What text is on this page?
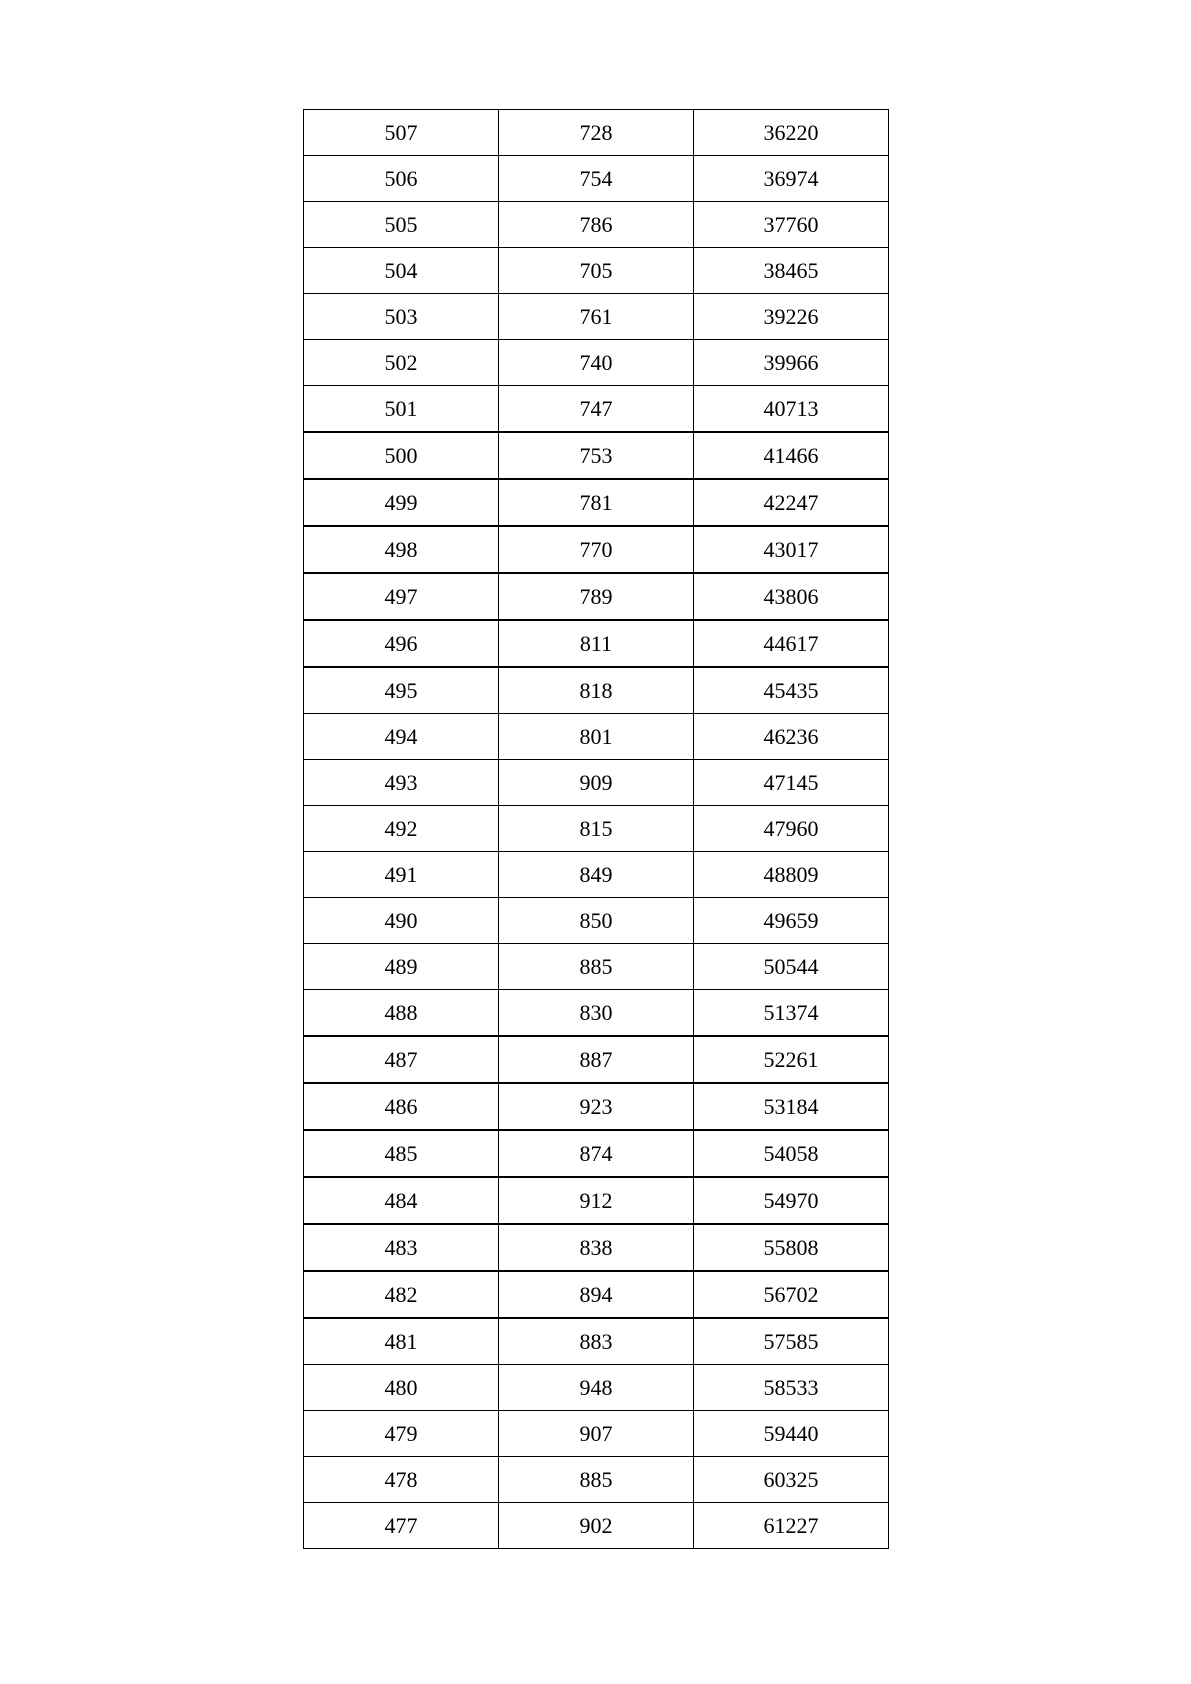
507	728	36220
506	754	36974
505	786	37760
504	705	38465
503	761	39226
502	740	39966
501	747	40713
500	753	41466
499	781	42247
498	770	43017
497	789	43806
496	811	44617
495	818	45435
494	801	46236
493	909	47145
492	815	47960
491	849	48809
490	850	49659
489	885	50544
488	830	51374
487	887	52261
486	923	53184
485	874	54058
484	912	54970
483	838	55808
482	894	56702
481	883	57585
480	948	58533
479	907	59440
478	885	60325
477	902	61227
